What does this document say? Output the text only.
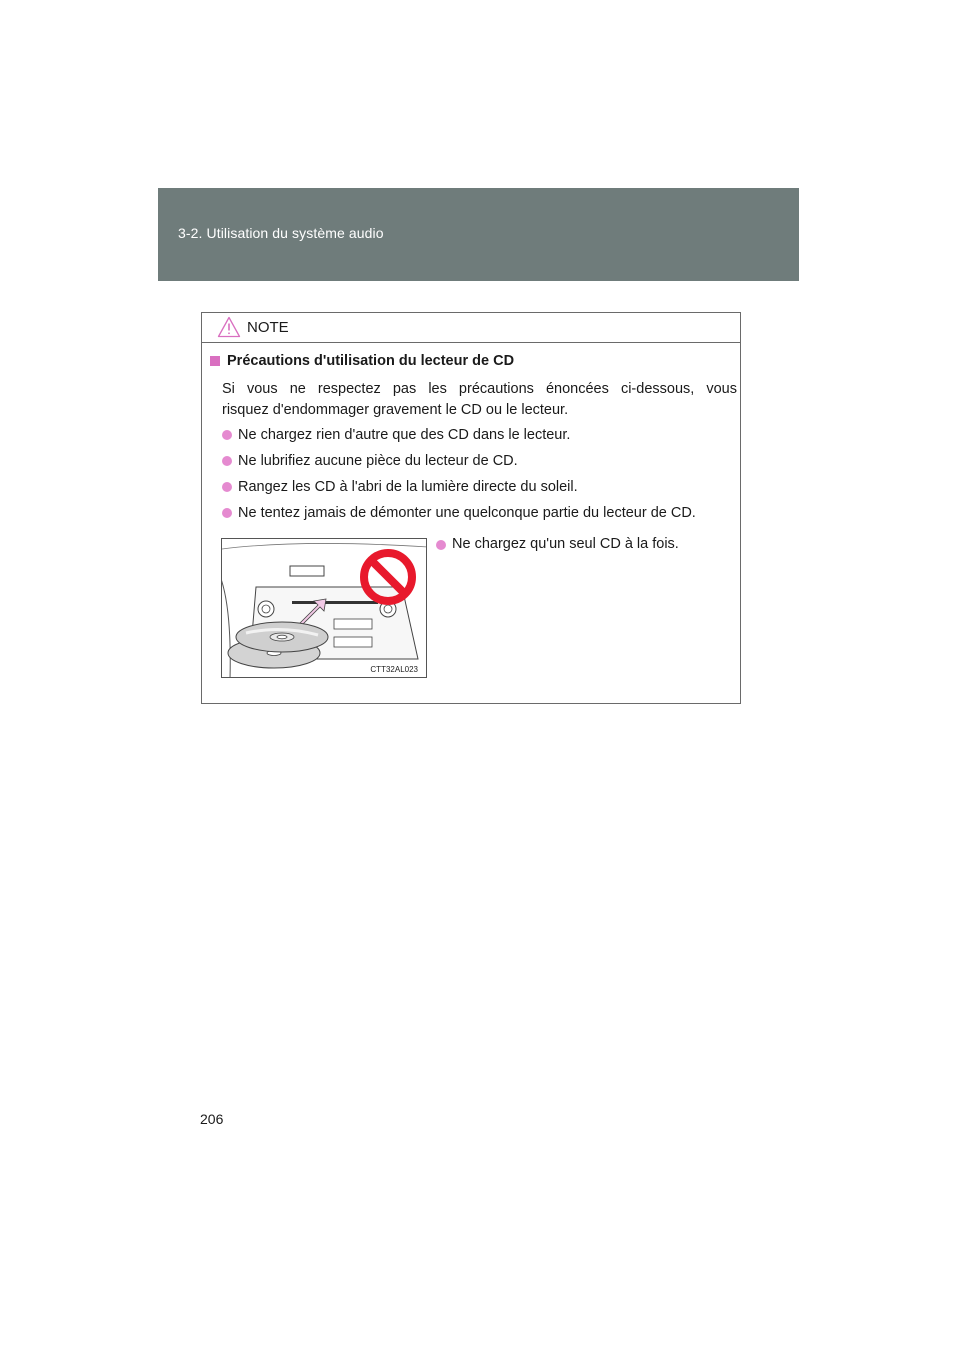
3-2. Utilisation du système audio
NOTE
Précautions d'utilisation du lecteur de CD
Si vous ne respectez pas les précautions énoncées ci-dessous, vous
risquez d'endommager gravement le CD ou le lecteur.
Ne chargez rien d'autre que des CD dans le lecteur.
Ne lubrifiez aucune pièce du lecteur de CD.
Rangez les CD à l'abri de la lumière directe du soleil.
Ne tentez jamais de démonter une quelconque partie du lecteur de CD.
CTT32AL023
Ne chargez qu'un seul CD à la fois.
206
